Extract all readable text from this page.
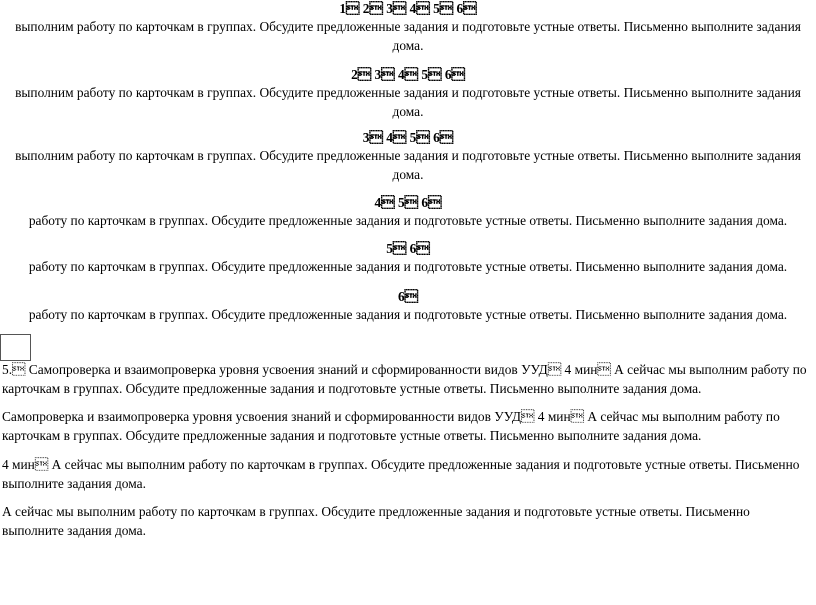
1 2 3 4 5 6
выполним работу по карточкам в группах. Обсудите предложенные задания и подготовьте устные ответы. Письменно выполните задания дома.
2 3 4 5 6
выполним работу по карточкам в группах. Обсудите предложенные задания и подготовьте устные ответы. Письменно выполните задания дома.
3 4 5 6
выполним работу по карточкам в группах. Обсудите предложенные задания и подготовьте устные ответы. Письменно выполните задания дома.
4 5 6
работу по карточкам в группах. Обсудите предложенные задания и подготовьте устные ответы. Письменно выполните задания дома.
5 6
работу по карточкам в группах. Обсудите предложенные задания и подготовьте устные ответы. Письменно выполните задания дома.
6
работу по карточкам в группах. Обсудите предложенные задания и подготовьте устные ответы. Письменно выполните задания дома.
5. Самопроверка и взаимопроверка уровня усвоения знаний и сформированности видов УУД 4 мин А сейчас мы выполним работу по карточкам в группах. Обсудите предложенные задания и подготовьте устные ответы. Письменно выполните задания дома.
Самопроверка и взаимопроверка уровня усвоения знаний и сформированности видов УУД 4 мин А сейчас мы выполним работу по карточкам в группах. Обсудите предложенные задания и подготовьте устные ответы. Письменно выполните задания дома.
4 мин А сейчас мы выполним работу по карточкам в группах. Обсудите предложенные задания и подготовьте устные ответы. Письменно выполните задания дома.
А сейчас мы выполним работу по карточкам в группах. Обсудите предложенные задания и подготовьте устные ответы. Письменно выполните задания дома.
